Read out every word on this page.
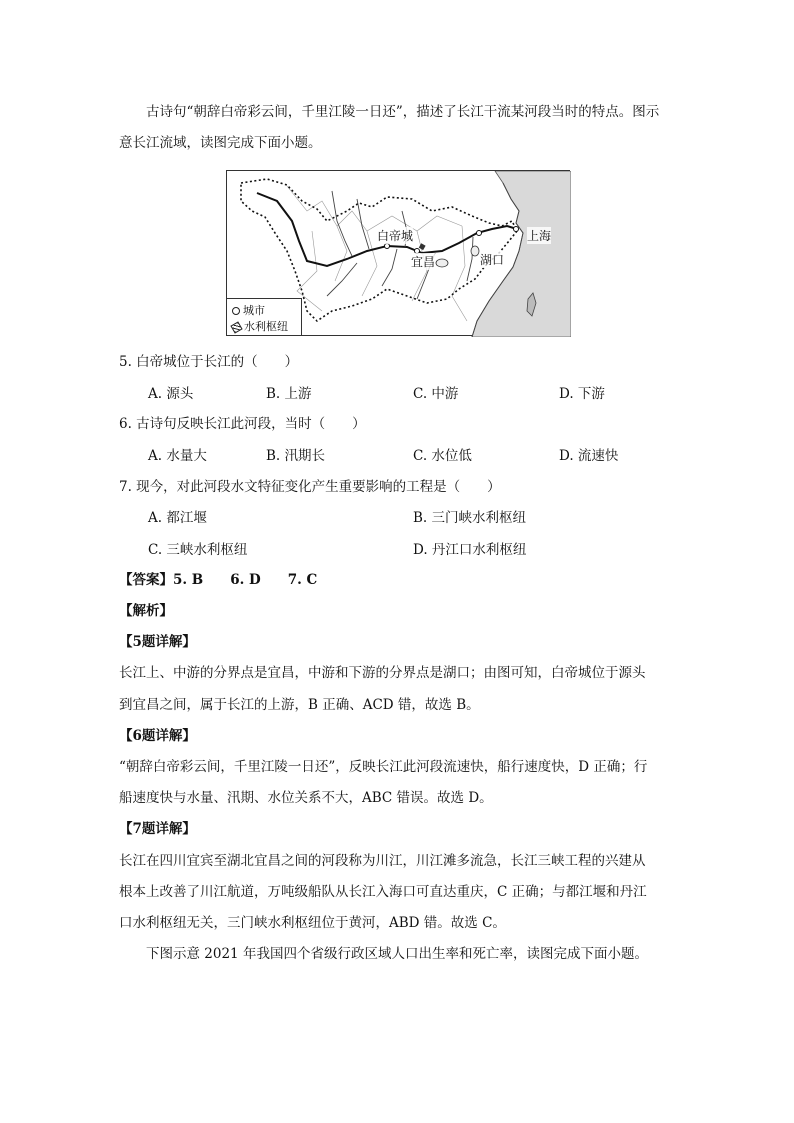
古诗句“朝辞白帝彩云间，千里江陵一日还”，描述了长江干流某河段当时的特点。图示
意长江流域，读图完成下面小题。
白帝城
宜昌	湖口
上海
城市
水利枢纽
5. 白帝城位于长江的（　　）
A. 源头	B. 上游	C. 中游	D. 下游
6. 古诗句反映长江此河段，当时（　　）
A. 水量大	B. 汛期长	C. 水位低	D. 流速快
7. 现今，对此河段水文特征变化产生重要影响的工程是（　　）
A. 都江堰	B. 三门峡水利枢纽
C. 三峡水利枢纽	D. 丹江口水利枢纽
【答案】5. B　　6. D　　7. C
【解析】
【5题详解】
长江上、中游的分界点是宜昌，中游和下游的分界点是湖口；由图可知，白帝城位于源头
到宜昌之间，属于长江的上游，B 正确、ACD 错，故选 B。
【6题详解】
“朝辞白帝彩云间，千里江陵一日还”，反映长江此河段流速快，船行速度快，D 正确；行
船速度快与水量、汛期、水位关系不大，ABC 错误。故选 D。
【7题详解】
长江在四川宜宾至湖北宜昌之间的河段称为川江，川江滩多流急，长江三峡工程的兴建从
根本上改善了川江航道，万吨级船队从长江入海口可直达重庆，C 正确；与都江堰和丹江
口水利枢纽无关，三门峡水利枢纽位于黄河，ABD 错。故选 C。
下图示意 2021 年我国四个省级行政区域人口出生率和死亡率，读图完成下面小题。
